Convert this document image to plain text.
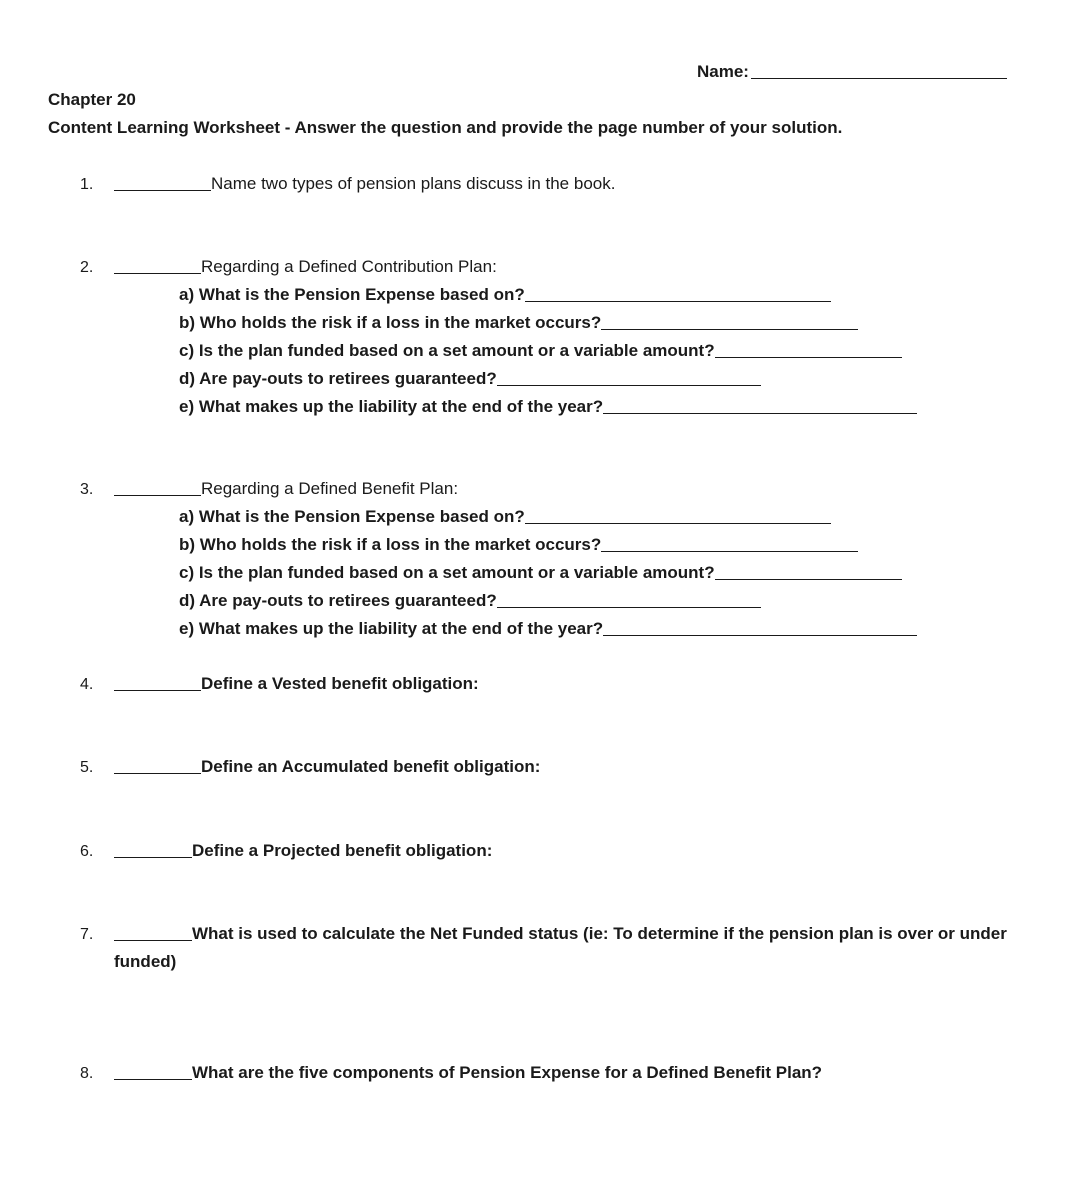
Name:
Chapter 20
Content Learning Worksheet - Answer the question and provide the page number of your solution.
1.	Name two types of pension plans discuss in the book.
2.	Regarding a Defined Contribution Plan:
a) What is the Pension Expense based on?
b) Who holds the risk if a loss in the market occurs?
c) Is the plan funded based on a set amount or a variable amount?
d) Are pay-outs to retirees guaranteed?
e) What makes up the liability at the end of the year?
3.	Regarding a Defined Benefit Plan:
a) What is the Pension Expense based on?
b) Who holds the risk if a loss in the market occurs?
c) Is the plan funded based on a set amount or a variable amount?
d) Are pay-outs to retirees guaranteed?
e) What makes up the liability at the end of the year?
4.	Define a Vested benefit obligation:
5.	Define an Accumulated benefit obligation:
6.	Define a Projected benefit obligation:
7.	What is used to calculate the Net Funded status (ie: To determine if the pension plan is over or under
funded)
8.	What are the five components of Pension Expense for a Defined Benefit Plan?
